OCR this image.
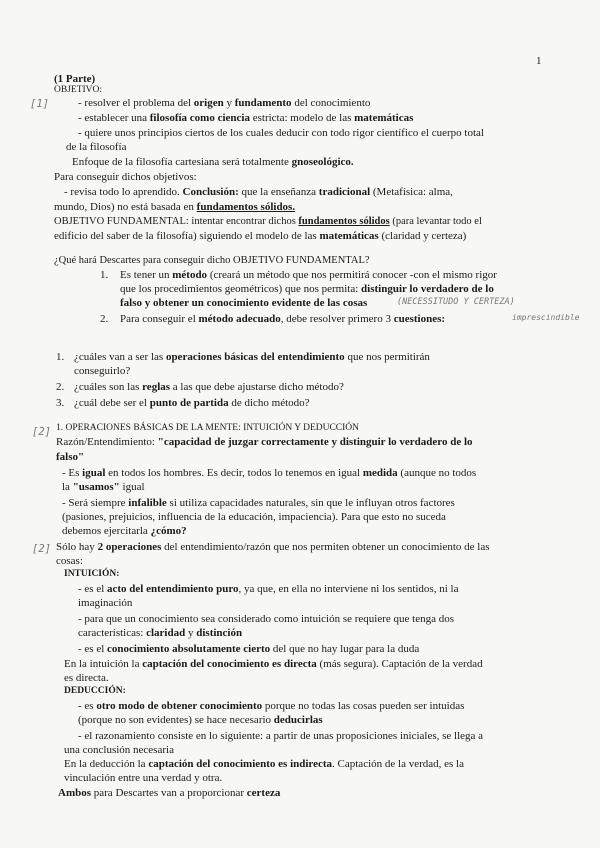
1
(1 Parte)
OBJETIVO:
[1]	- resolver el problema del origen y fundamento del conocimiento
- establecer una filosofía como ciencia estricta: modelo de las matemáticas
- quiere unos principios ciertos de los cuales deducir con todo rigor científico el cuerpo total
de la filosofía
Enfoque de la filosofía cartesiana será totalmente gnoseológico.
Para conseguir dichos objetivos:
- revisa todo lo aprendido. Conclusión: que la enseñanza tradicional (Metafísica: alma,
mundo, Dios) no está basada en fundamentos sólidos.
OBJETIVO FUNDAMENTAL: intentar encontrar dichos fundamentos sólidos (para levantar todo el
edificio del saber de la filosofía) siguiendo el modelo de las matemáticas (claridad y certeza)
¿Qué hará Descartes para conseguir dicho OBJETIVO FUNDAMENTAL?
1. Es tener un método (creará un método que nos permitirá conocer -con el mismo rigor
que los procedimientos geométricos) que nos permita: distinguir lo verdadero de lo
falso y obtener un conocimiento evidente de las cosas	(NECESSITUDO Y CERTEZA)
2. Para conseguir el método adecuado, debe resolver primero 3 cuestiones:	imprescindible
1. ¿cuáles van a ser las operaciones básicas del entendimiento que nos permitirán
conseguirlo?
2. ¿cuáles son las reglas a las que debe ajustarse dicho método?
3. ¿cuál debe ser el punto de partida de dicho método?
[2] 1. OPERACIONES BÁSICAS DE LA MENTE: INTUICIÓN Y DEDUCCIÓN
Razón/Entendimiento: "capacidad de juzgar correctamente y distinguir lo verdadero de lo
falso"
- Es igual en todos los hombres. Es decir, todos lo tenemos en igual medida (aunque no todos
la "usamos" igual
- Será siempre infalible si utiliza capacidades naturales, sin que le influyan otros factores
(pasiones, prejuicios, influencia de la educación, impaciencia). Para que esto no suceda
debemos ejercitarla ¿cómo?
[2] Sólo hay 2 operaciones del entendimiento/razón que nos permiten obtener un conocimiento de las
cosas:
INTUICIÓN:
- es el acto del entendimiento puro, ya que, en ella no interviene ni los sentidos, ni la
imaginación
- para que un conocimiento sea considerado como intuición se requiere que tenga dos
características: claridad y distinción
- es el conocimiento absolutamente cierto del que no hay lugar para la duda
En la intuición la captación del conocimiento es directa (más segura). Captación de la verdad
es directa.
DEDUCCIÓN:
- es otro modo de obtener conocimiento porque no todas las cosas pueden ser intuidas
(porque no son evidentes) se hace necesario deducirlas
- el razonamiento consiste en lo siguiente: a partir de unas proposiciones iniciales, se llega a
una conclusión necesaria
En la deducción la captación del conocimiento es indirecta. Captación de la verdad, es la
vinculación entre una verdad y otra.
Ambos para Descartes van a proporcionar certeza
